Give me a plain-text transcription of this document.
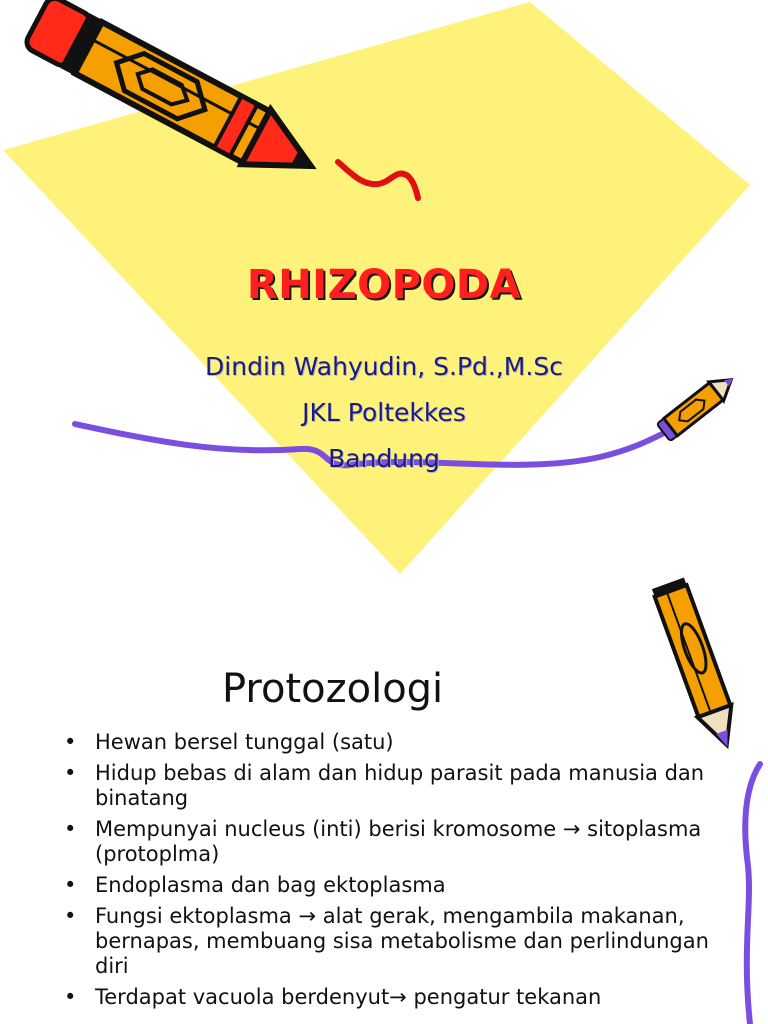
RHIZOPODA
Dindin Wahyudin, S.Pd.,M.Sc
JKL Poltekkes
Bandung
Protozologi
• Hewan bersel tunggal (satu)
• Hidup bebas di alam dan hidup parasit pada manusia dan binatang
• Mempunyai nucleus (inti) berisi kromosome → sitoplasma (protoplma)
• Endoplasma dan bag ektoplasma
• Fungsi ektoplasma → alat gerak, mengambila makanan, bernapas, membuang sisa metabolisme dan perlindungan diri
• Terdapat vacuola berdenyut→ pengatur tekanan
